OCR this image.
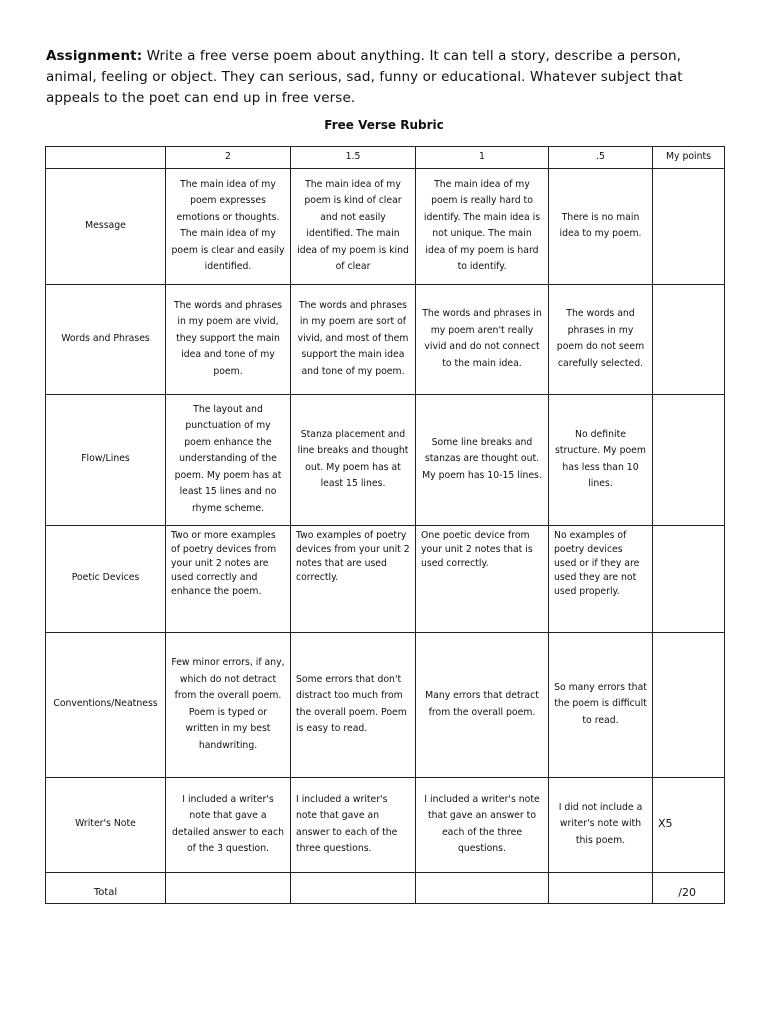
Assignment: Write a free verse poem about anything. It can tell a story, describe a person, animal, feeling or object. They can serious, sad, funny or educational. Whatever subject that appeals to the poet can end up in free verse.
Free Verse Rubric
	2	1.5	1	.5	My points
Message	The main idea of my poem expresses emotions or thoughts. The main idea of my poem is clear and easily identified.	The main idea of my poem is kind of clear and not easily identified. The main idea of my poem is kind of clear	The main idea of my poem is really hard to identify. The main idea is not unique. The main idea of my poem is hard to identify.	There is no main idea to my poem.	
Words and Phrases	The words and phrases in my poem are vivid, they support the main idea and tone of my poem.	The words and phrases in my poem are sort of vivid, and most of them support the main idea and tone of my poem.	The words and phrases in my poem aren't really vivid and do not connect to the main idea.	The words and phrases in my poem do not seem carefully selected.	
Flow/Lines	The layout and punctuation of my poem enhance the understanding of the poem. My poem has at least 15 lines and no rhyme scheme.	Stanza placement and line breaks and thought out. My poem has at least 15 lines.	Some line breaks and stanzas are thought out. My poem has 10-15 lines.	No definite structure. My poem has less than 10 lines.	
Poetic Devices	Two or more examples of poetry devices from your unit 2 notes are used correctly and enhance the poem.	Two examples of poetry devices from your unit 2 notes that are used correctly.	One poetic device from your unit 2 notes that is used correctly.	No examples of poetry devices used or if they are used they are not used properly.	
Conventions/Neatness	Few minor errors, if any, which do not detract from the overall poem. Poem is typed or written in my best handwriting.	Some errors that don't distract too much from the overall poem. Poem is easy to read.	Many errors that detract from the overall poem.	So many errors that the poem is difficult to read.	
Writer's Note	I included a writer's note that gave a detailed answer to each of the 3 question.	I included a writer's note that gave an answer to each of the three questions.	I included a writer's note that gave an answer to each of the three questions.	I did not include a writer's note with this poem.	X5
Total					/20
